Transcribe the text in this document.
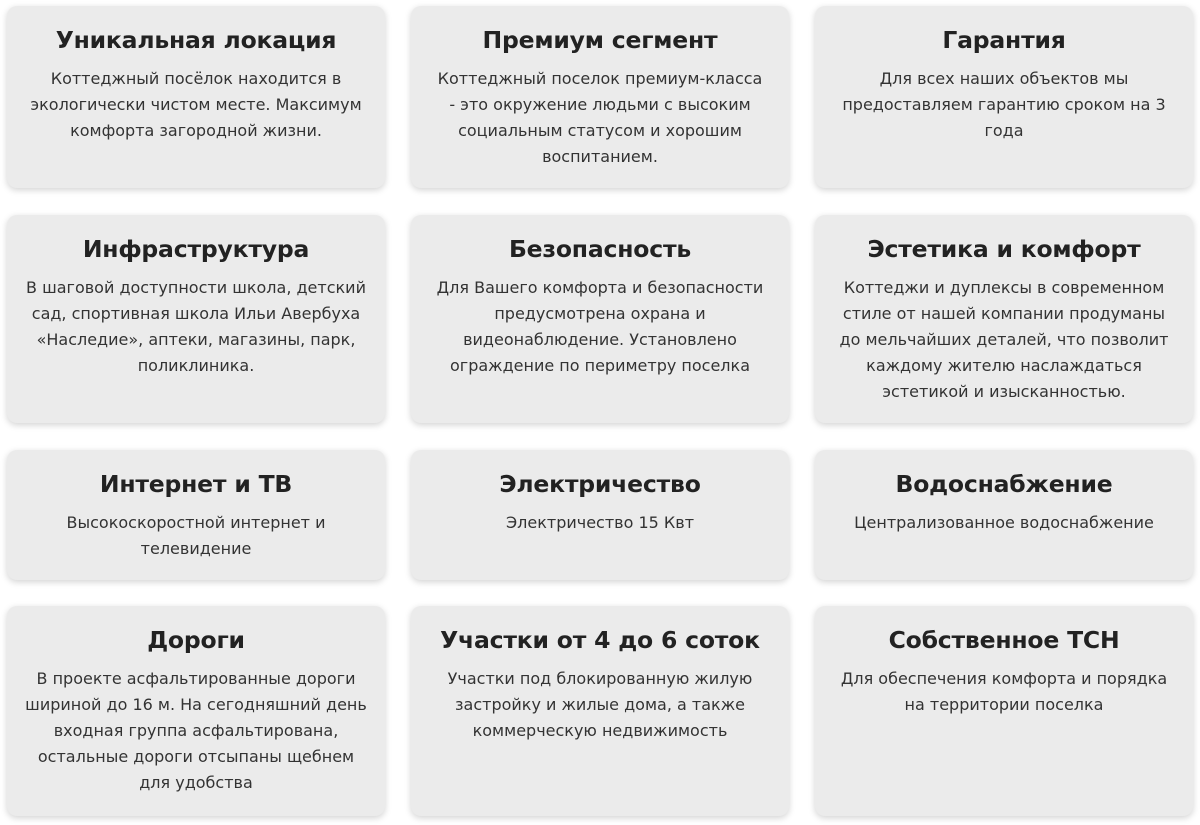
Уникальная локация

Коттеджный посёлок находится в экологически чистом месте. Максимум комфорта загородной жизни.

Премиум сегмент

Коттеджный поселок премиум-класса - это окружение людьми с высоким социальным статусом и хорошим воспитанием.

Гарантия

Для всех наших объектов мы предоставляем гарантию сроком на 3 года

Инфраструктура

В шаговой доступности школа, детский сад, спортивная школа Ильи Авербуха «Наследие», аптеки, магазины, парк, поликлиника.

Безопасность

Для Вашего комфорта и безопасности предусмотрена охрана и видеонаблюдение. Установлено ограждение по периметру поселка

Эстетика и комфорт

Коттеджи и дуплексы в современном стиле от нашей компании продуманы до мельчайших деталей, что позволит каждому жителю наслаждаться эстетикой и изысканностью.

Интернет и ТВ

Высокоскоростной интернет и телевидение

Электричество

Электричество 15 Квт

Водоснабжение

Централизованное водоснабжение

Дороги

В проекте асфальтированные дороги шириной до 16 м. На сегодняшний день входная группа асфальтирована, остальные дороги отсыпаны щебнем для удобства

Участки от 4 до 6 соток

Участки под блокированную жилую застройку и жилые дома, а также коммерческую недвижимость

Собственное ТСН

Для обеспечения комфорта и порядка на территории поселка
